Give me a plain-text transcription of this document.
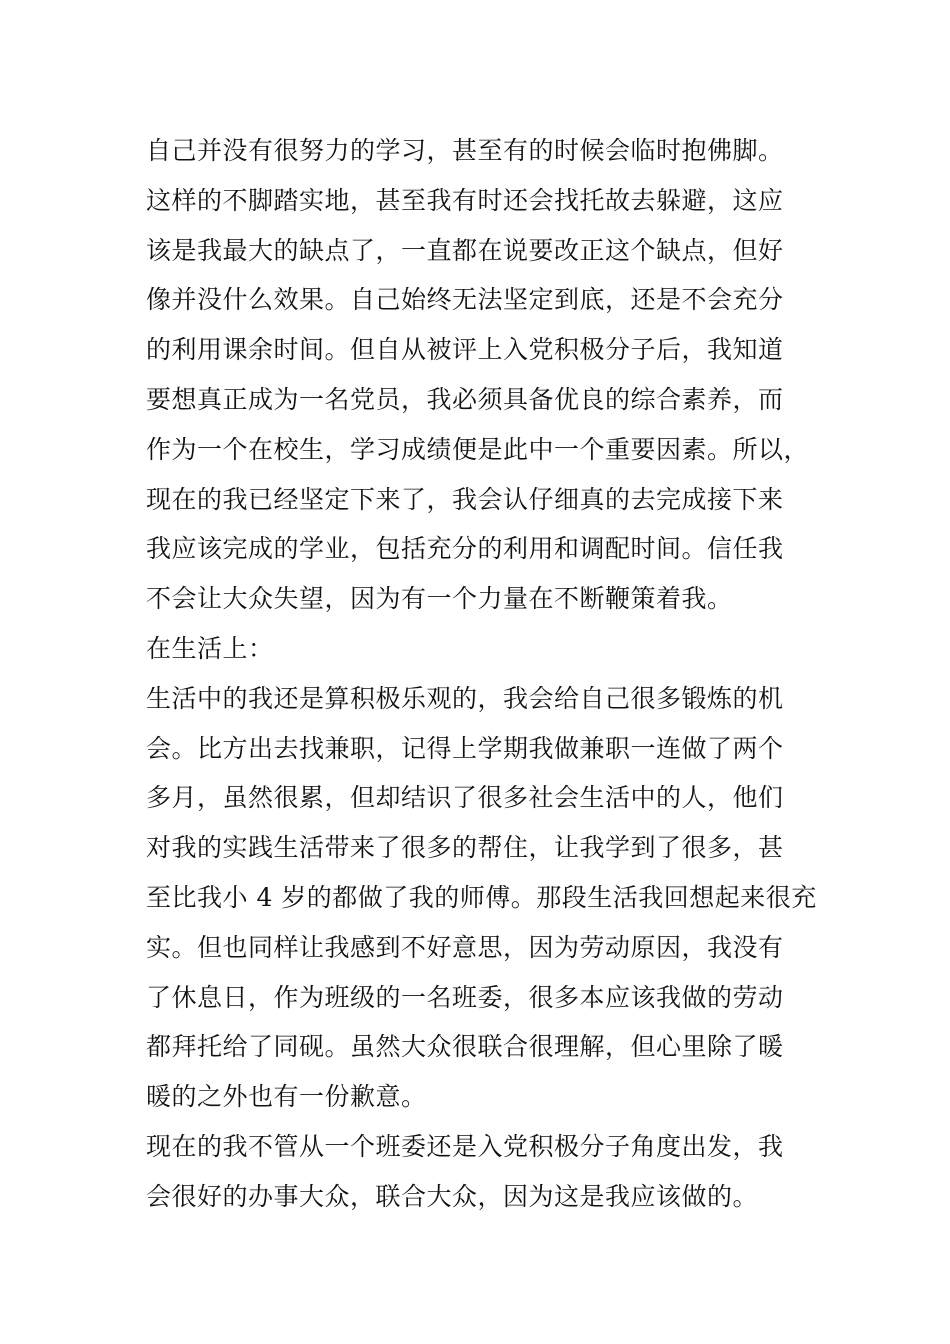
自己并没有很努力的学习，甚至有的时候会临时抱佛脚。
这样的不脚踏实地，甚至我有时还会找托故去躲避，这应
该是我最大的缺点了，一直都在说要改正这个缺点，但好
像并没什么效果。自己始终无法坚定到底，还是不会充分
的利用课余时间。但自从被评上入党积极分子后，我知道
要想真正成为一名党员，我必须具备优良的综合素养，而
作为一个在校生，学习成绩便是此中一个重要因素。所以，
现在的我已经坚定下来了，我会认仔细真的去完成接下来
我应该完成的学业，包括充分的利用和调配时间。信任我
不会让大众失望，因为有一个力量在不断鞭策着我。
在生活上：
生活中的我还是算积极乐观的，我会给自己很多锻炼的机
会。比方出去找兼职，记得上学期我做兼职一连做了两个
多月，虽然很累，但却结识了很多社会生活中的人，他们
对我的实践生活带来了很多的帮住，让我学到了很多，甚
至比我小 4 岁的都做了我的师傅。那段生活我回想起来很充
实。但也同样让我感到不好意思，因为劳动原因，我没有
了休息日，作为班级的一名班委，很多本应该我做的劳动
都拜托给了同砚。虽然大众很联合很理解，但心里除了暖
暖的之外也有一份歉意。
现在的我不管从一个班委还是入党积极分子角度出发，我
会很好的办事大众，联合大众，因为这是我应该做的。
